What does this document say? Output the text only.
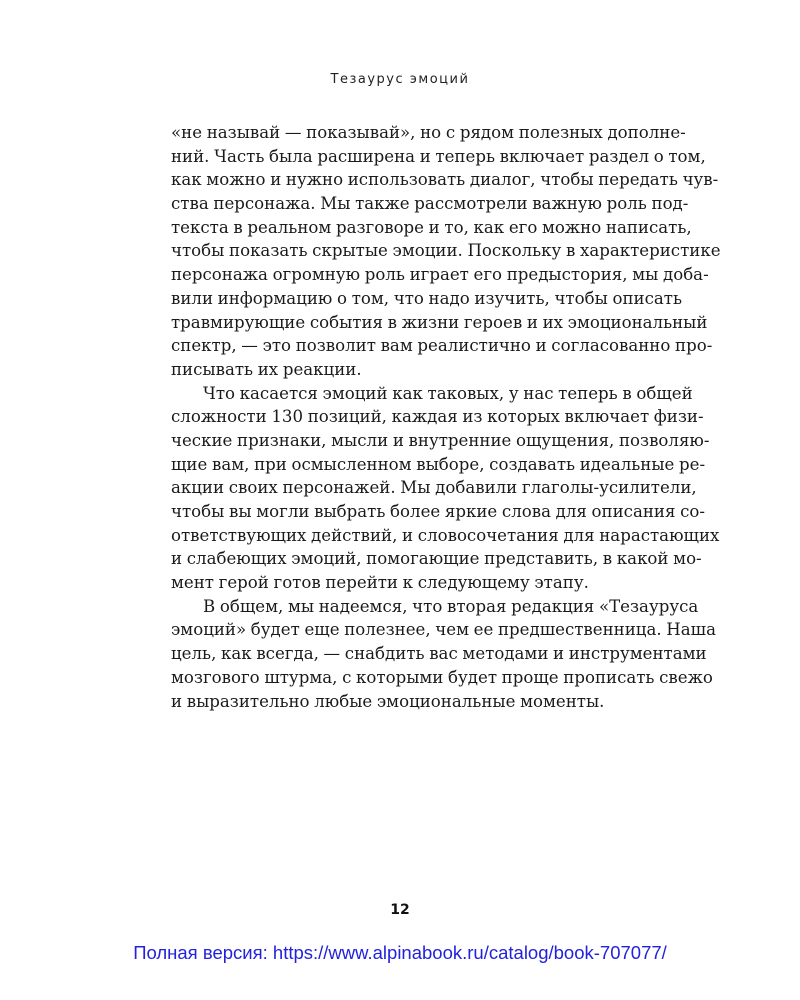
Тезаурус эмоций
«не называй — показывай», но с рядом полезных дополне-
ний. Часть была расширена и теперь включает раздел о том,
как можно и нужно использовать диалог, чтобы передать чув-
ства персонажа. Мы также рассмотрели важную роль под-
текста в реальном разговоре и то, как его можно написать,
чтобы показать скрытые эмоции. Поскольку в характеристике
персонажа огромную роль играет его предыстория, мы доба-
вили информацию о том, что надо изучить, чтобы описать
травмирующие события в жизни героев и их эмоциональный
спектр, — это позволит вам реалистично и согласованно про-
писывать их реакции.
Что касается эмоций как таковых, у нас теперь в общей
сложности 130 позиций, каждая из которых включает физи-
ческие признаки, мысли и внутренние ощущения, позволяю-
щие вам, при осмысленном выборе, создавать идеальные ре-
акции своих персонажей. Мы добавили глаголы-усилители,
чтобы вы могли выбрать более яркие слова для описания со-
ответствующих действий, и словосочетания для нарастающих
и слабеющих эмоций, помогающие представить, в какой мо-
мент герой готов перейти к следующему этапу.
В общем, мы надеемся, что вторая редакция «Тезауруса
эмоций» будет еще полезнее, чем ее предшественница. Наша
цель, как всегда, — снабдить вас методами и инструментами
мозгового штурма, с которыми будет проще прописать свежо
и выразительно любые эмоциональные моменты.
12
Полная версия: https://www.alpinabook.ru/catalog/book-707077/
